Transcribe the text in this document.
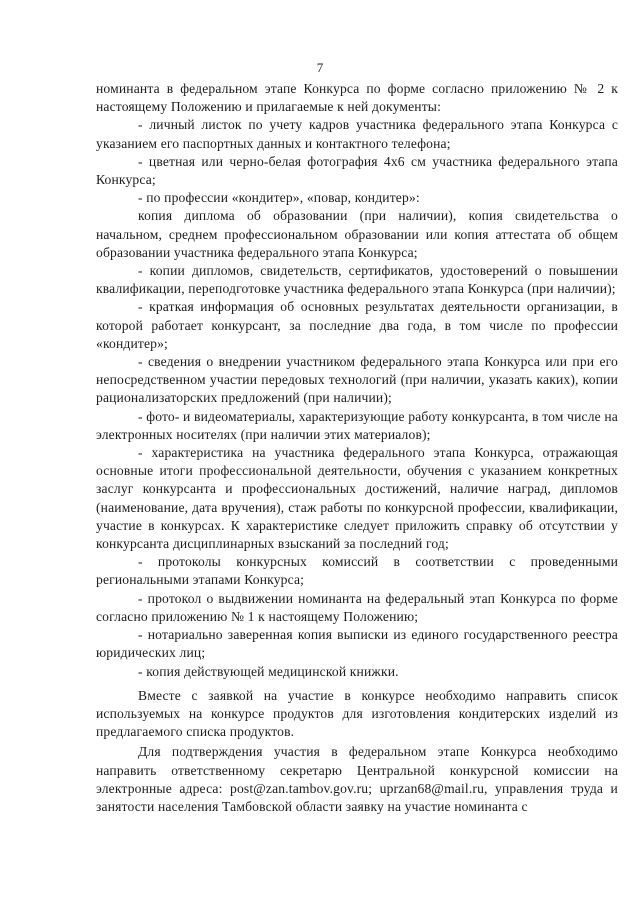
7

номинанта в федеральном этапе Конкурса по форме согласно приложению № 2 к настоящему Положению и прилагаемые к ней документы:

- личный листок по учету кадров участника федерального этапа Конкурса с указанием его паспортных данных и контактного телефона;

- цветная или черно-белая фотография 4х6 см участника федерального этапа Конкурса;

- по профессии «кондитер», «повар, кондитер»:

копия диплома об образовании (при наличии), копия свидетельства о начальном, среднем профессиональном образовании или копия аттестата об общем образовании участника федерального этапа Конкурса;

- копии дипломов, свидетельств, сертификатов, удостоверений о повышении квалификации, переподготовке участника федерального этапа Конкурса (при наличии);

- краткая информация об основных результатах деятельности организации, в которой работает конкурсант, за последние два года, в том числе по профессии «кондитер»;

- сведения о внедрении участником федерального этапа Конкурса или при его непосредственном участии передовых технологий (при наличии, указать каких), копии рационализаторских предложений (при наличии);

- фото- и видеоматериалы, характеризующие работу конкурсанта, в том числе на электронных носителях (при наличии этих материалов);

- характеристика на участника федерального этапа Конкурса, отражающая основные итоги профессиональной деятельности, обучения с указанием конкретных заслуг конкурсанта и профессиональных достижений, наличие наград, дипломов (наименование, дата вручения), стаж работы по конкурсной профессии, квалификации, участие в конкурсах. К характеристике следует приложить справку об отсутствии у конкурсанта дисциплинарных взысканий за последний год;

- протоколы конкурсных комиссий в соответствии с проведенными региональными этапами Конкурса;

- протокол о выдвижении номинанта на федеральный этап Конкурса по форме согласно приложению № 1 к настоящему Положению;

- нотариально заверенная копия выписки из единого государственного реестра юридических лиц;

- копия действующей медицинской книжки.

Вместе с заявкой на участие в конкурсе необходимо направить список используемых на конкурсе продуктов для изготовления кондитерских изделий из предлагаемого списка продуктов.

Для подтверждения участия в федеральном этапе Конкурса необходимо направить ответственному секретарю Центральной конкурсной комиссии на электронные адреса: post@zan.tambov.gov.ru; uprzan68@mail.ru, управления труда и занятости населения Тамбовской области заявку на участие номинанта с
